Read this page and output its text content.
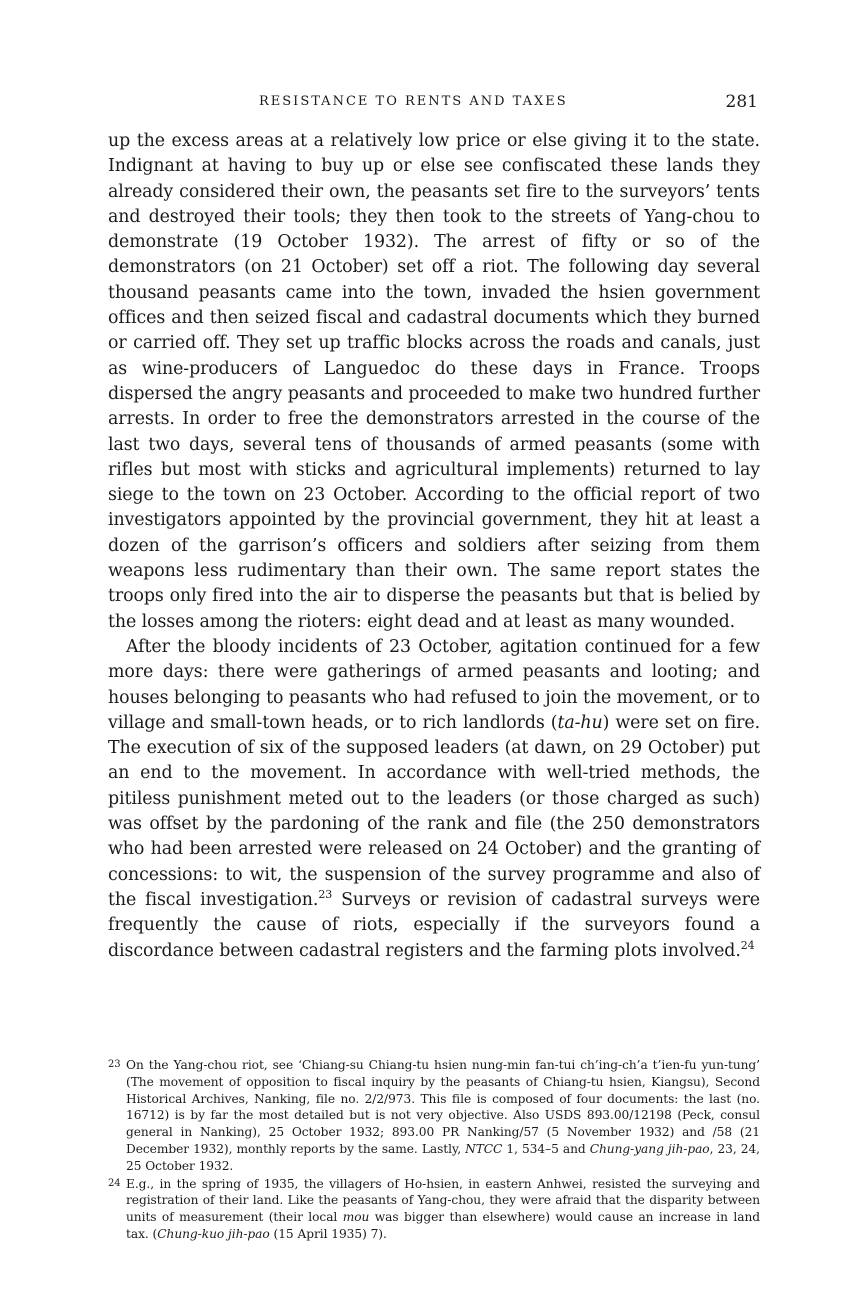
RESISTANCE TO RENTS AND TAXES	281

up the excess areas at a relatively low price or else giving it to the state. Indignant at having to buy up or else see confiscated these lands they already considered their own, the peasants set fire to the surveyors’ tents and destroyed their tools; they then took to the streets of Yang-chou to demonstrate (19 October 1932). The arrest of fifty or so of the demonstrators (on 21 October) set off a riot. The following day several thousand peasants came into the town, invaded the hsien government offices and then seized fiscal and cadastral documents which they burned or carried off. They set up traffic blocks across the roads and canals, just as wine-producers of Languedoc do these days in France. Troops dispersed the angry peasants and proceeded to make two hundred further arrests. In order to free the demonstrators arrested in the course of the last two days, several tens of thousands of armed peasants (some with rifles but most with sticks and agricultural implements) returned to lay siege to the town on 23 October. According to the official report of two investigators appointed by the provincial government, they hit at least a dozen of the garrison’s officers and soldiers after seizing from them weapons less rudimentary than their own. The same report states the troops only fired into the air to disperse the peasants but that is belied by the losses among the rioters: eight dead and at least as many wounded.

After the bloody incidents of 23 October, agitation continued for a few more days: there were gatherings of armed peasants and looting; and houses belonging to peasants who had refused to join the movement, or to village and small-town heads, or to rich landlords (ta-hu) were set on fire. The execution of six of the supposed leaders (at dawn, on 29 October) put an end to the movement. In accordance with well-tried methods, the pitiless punishment meted out to the leaders (or those charged as such) was offset by the pardoning of the rank and file (the 250 demonstrators who had been arrested were released on 24 October) and the granting of concessions: to wit, the suspension of the survey programme and also of the fiscal investigation.$^{23}$ Surveys or revision of cadastral surveys were frequently the cause of riots, especially if the surveyors found a discordance between cadastral registers and the farming plots involved.$^{24}$

23 On the Yang-chou riot, see ‘Chiang-su Chiang-tu hsien nung-min fan-tui ch’ing-ch’a t’ien-fu yun-tung’ (The movement of opposition to fiscal inquiry by the peasants of Chiang-tu hsien, Kiangsu), Second Historical Archives, Nanking, file no. 2/2/973. This file is composed of four documents: the last (no. 16712) is by far the most detailed but is not very objective. Also USDS 893.00/12198 (Peck, consul general in Nanking), 25 October 1932; 893.00 PR Nanking/57 (5 November 1932) and /58 (21 December 1932), monthly reports by the same. Lastly, NTCC 1, 534–5 and Chung-yang jih-pao, 23, 24, 25 October 1932.

24 E.g., in the spring of 1935, the villagers of Ho-hsien, in eastern Anhwei, resisted the surveying and registration of their land. Like the peasants of Yang-chou, they were afraid that the disparity between units of measurement (their local mou was bigger than elsewhere) would cause an increase in land tax. (Chung-kuo jih-pao (15 April 1935) 7).
